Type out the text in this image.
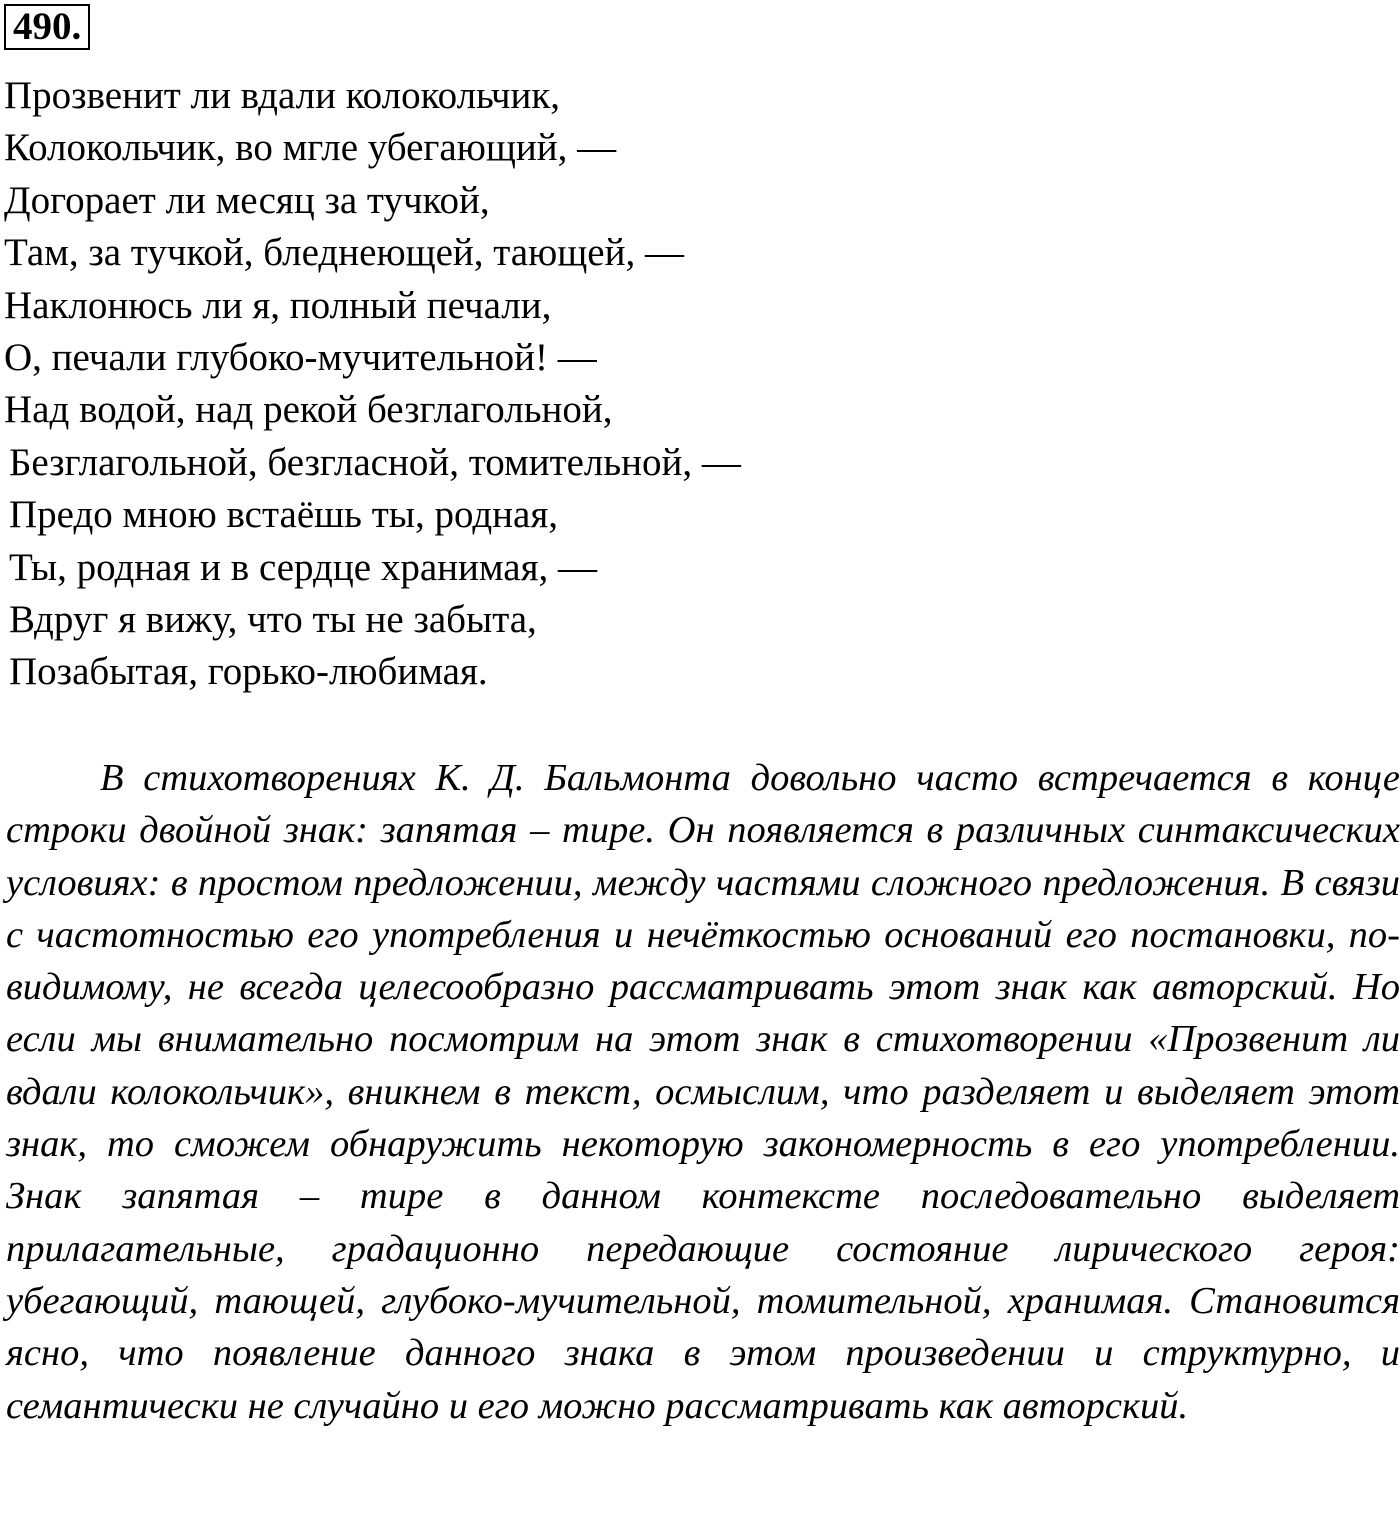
490.
Прозвенит ли вдали колокольчик,
Колокольчик, во мгле убегающий, —
Догорает ли месяц за тучкой,
Там, за тучкой, бледнеющей, тающей, —
Наклонюсь ли я, полный печали,
О, печали глубоко-мучительной! —
Над водой, над рекой безглагольной,
Безглагольной, безгласной, томительной, —
Предо мною встаёшь ты, родная,
Ты, родная и в сердце хранимая, —
Вдруг я вижу, что ты не забыта,
Позабытая, горько-любимая.

В стихотворениях К. Д. Бальмонта довольно часто встречается в конце строки двойной знак: запятая – тире. Он появляется в различных синтаксических условиях: в простом предложении, между частями сложного предложения. В связи с частотностью его употребления и нечёткостью оснований его постановки, по-видимому, не всегда целесообразно рассматривать этот знак как авторский. Но если мы внимательно посмотрим на этот знак в стихотворении «Прозвенит ли вдали колокольчик», вникнем в текст, осмыслим, что разделяет и выделяет этот знак, то сможем обнаружить некоторую закономерность в его употреблении. Знак запятая – тире в данном контексте последовательно выделяет прилагательные, градационно передающие состояние лирического героя: убегающий, тающей, глубоко-мучительной, томительной, хранимая. Становится ясно, что появление данного знака в этом произведении и структурно, и семантически не случайно и его можно рассматривать как авторский.
